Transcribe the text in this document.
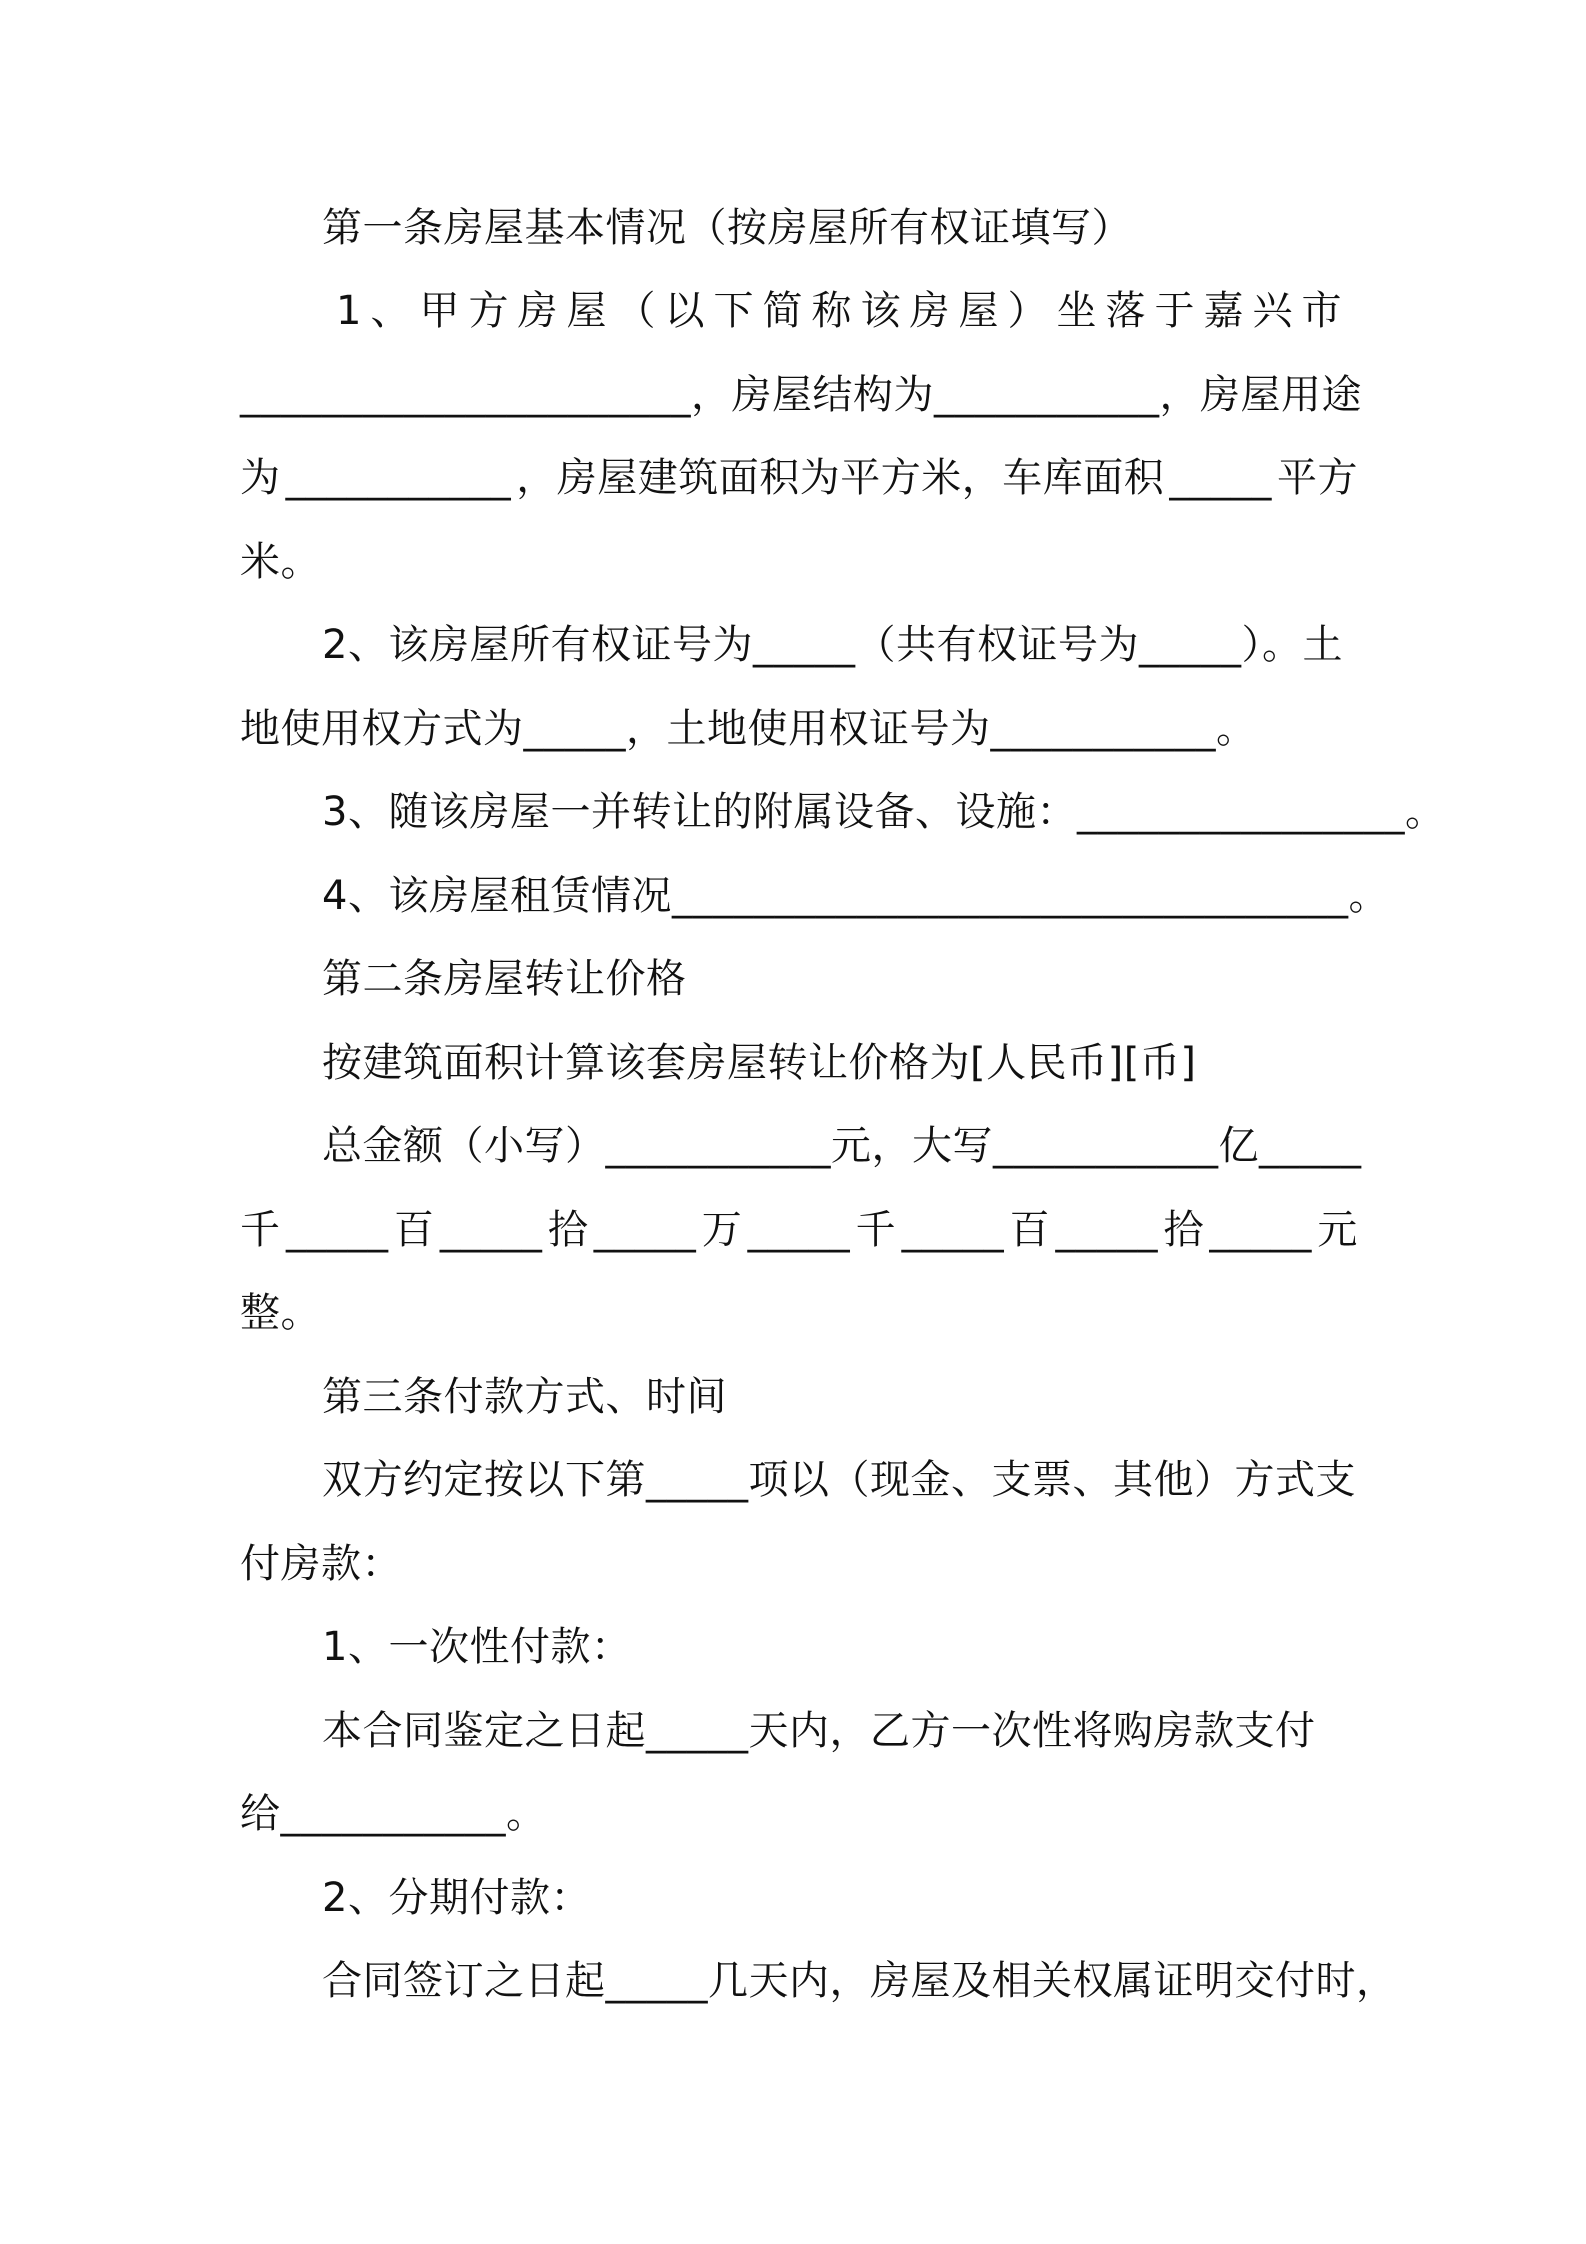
第一条房屋基本情况（按房屋所有权证填写）
1、甲方房屋（以下简称该房屋）坐落于嘉兴市
______________________ ，房屋结构为 ___________ ，房屋用途
为 ___________ ，房屋建筑面积为平方米，车库面积 _____ 平方
米。
2、该房屋所有权证号为_____（共有权证号为_____）。土
地使用权方式为_____，土地使用权证号为___________。
3、随该房屋一并转让的附属设备、设施：________________。
4、该房屋租赁情况_________________________________。
第二条房屋转让价格
按建筑面积计算该套房屋转让价格为[人民币][币]
总金额（小写）___________元，大写___________亿_____
千 _____ 百 _____ 拾 _____ 万 _____ 千 _____ 百 _____ 拾 _____ 元
整。
第三条付款方式、时间
双方约定按以下第_____项以（现金、支票、其他）方式支
付房款：
1、一次性付款：
本合同鉴定之日起_____天内，乙方一次性将购房款支付
给___________。
2、分期付款：
合同签订之日起_____几天内，房屋及相关权属证明交付时，
